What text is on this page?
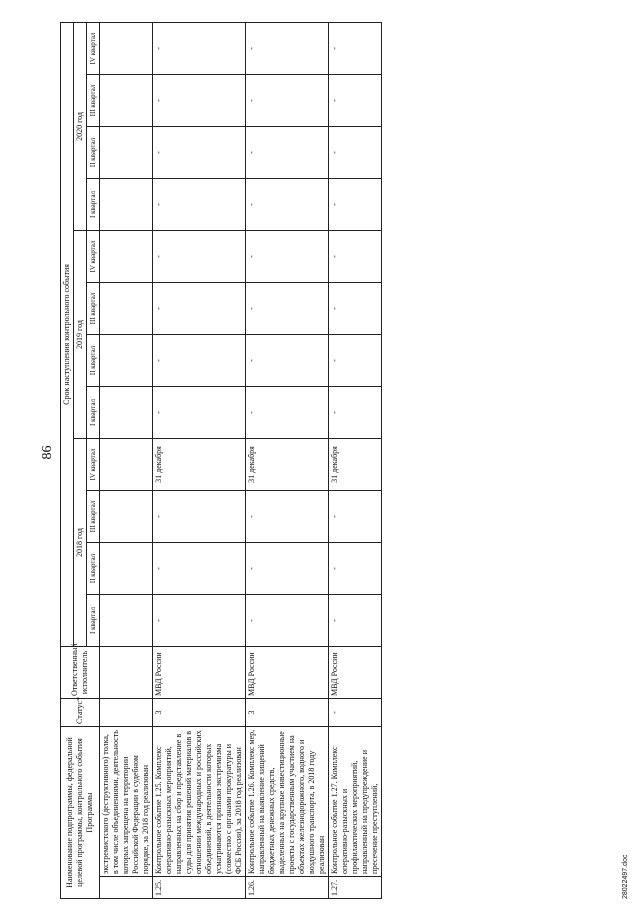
86
Наименование подпрограммы, федеральной целевой программы, контрольного события Программы		Статус*	Ответственный исполнитель	Срок наступления контрольного события											
				2018 год				2019 год				2020 год			
				I квартал	II квартал	III квартал	IV квартал	I квартал	II квартал	III квартал	IV квартал	I квартал	II квартал	III квартал	IV квартал
	экстремистского (деструктивного) толка, в том числе объединениями, деятельность которых запрещена на территории Российской Федерации в судебном порядке, за 2018 год реализован														
1.25.	Контрольное событие 1.25. Комплекс оперативно-разыскных мероприятий, направленных на сбор и представление в суды для принятия решений материалов в отношении международных и российских объединений, в деятельности которых усматриваются признаки экстремизма (совместно с органами прокуратуры и ФСБ России), за 2018 год реализован	3	МВД России	-	-	-	31 декабря	-	-	-	-	-	-	-	-
1.26.	Контрольное событие 1.26. Комплекс мер, направленный на выявление хищений бюджетных денежных средств, выделенных на крупные инвестиционные проекты с государственным участием на объектах железнодорожного, водного и воздушного транспорта, в 2018 году реализован	3	МВД России	-	-	-	31 декабря	-	-	-	-	-	-	-	-
1.27.	Контрольное событие 1.27. Комплекс оперативно-разыскных и профилактических мероприятий, направленный на предупреждение и пресечение преступлений,	-	МВД России	-	-	-	31 декабря	-	-	-	-	-	-	-	-
28022497.doc
